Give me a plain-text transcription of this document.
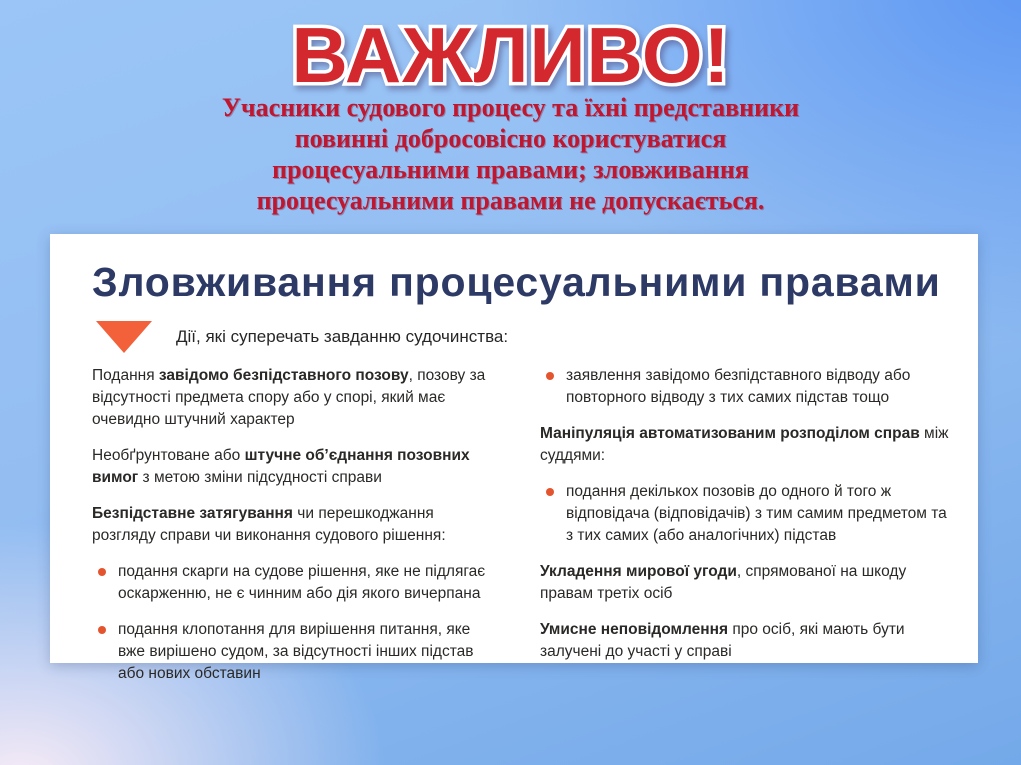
ВАЖЛИВО!
Учасники судового процесу та їхні представники
повинні добросовісно користуватися
процесуальними правами; зловживання
процесуальними правами не допускається.
Зловживання процесуальними правами
Дії, які суперечать завданню судочинства:
Подання завідомо безпідставного позову, позову за відсутності предмета спору або у спорі, який має очевидно штучний характер
Необґрунтоване або штучне об’єднання позовних вимог з метою зміни підсудності справи
Безпідставне затягування чи перешкоджання розгляду справи чи виконання судового рішення:
подання скарги на судове рішення, яке не підлягає оскарженню, не є чинним або дія якого вичерпана
подання клопотання для вирішення питання, яке вже вирішено судом, за відсутності інших підстав або нових обставин
заявлення завідомо безпідставного відводу або повторного відводу з тих самих підстав тощо
Маніпуляція автоматизованим розподілом справ між суддями:
подання декількох позовів до одного й того ж відповідача (відповідачів) з тим самим предметом та з тих самих (або аналогічних) підстав
Укладення мирової угоди, спрямованої на шкоду правам третіх осіб
Умисне неповідомлення про осіб, які мають бути залучені до участі у справі
